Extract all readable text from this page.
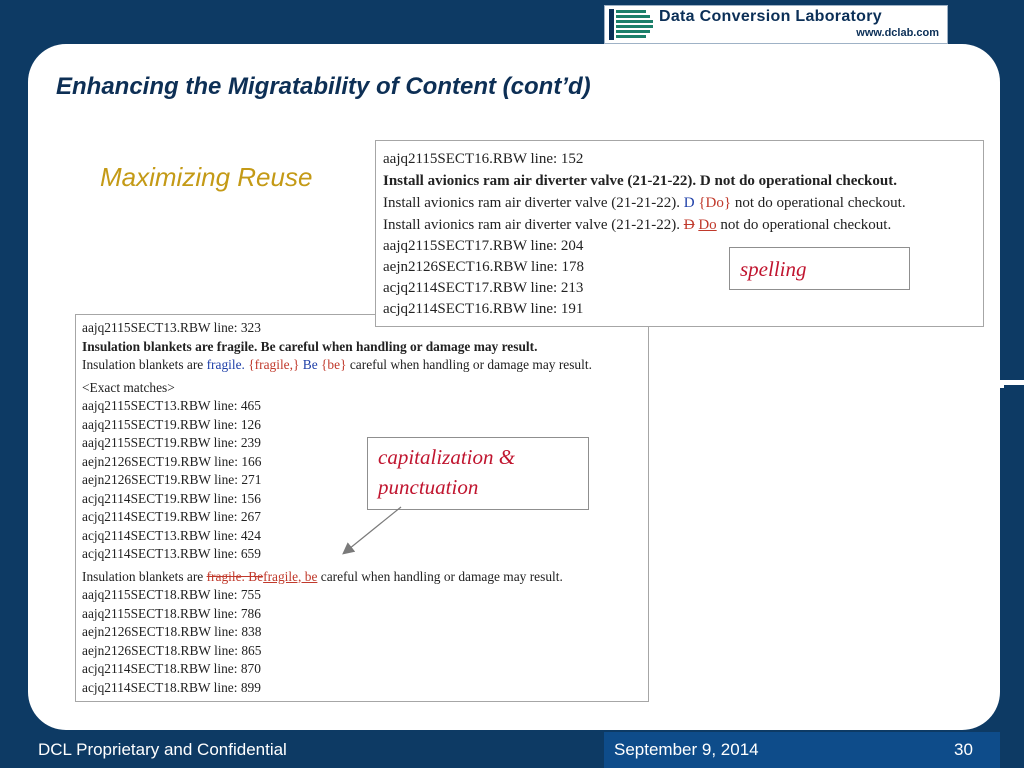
Data Conversion Laboratory
www.dclab.com
Enhancing the Migratability of Content (cont’d)
Maximizing Reuse
aajq2115SECT13.RBW line: 323
Insulation blankets are fragile. Be careful when handling or damage may result.
Insulation blankets are fragile. {fragile,} Be {be} careful when handling or damage may result.
<Exact matches>
aajq2115SECT13.RBW line: 465
aajq2115SECT19.RBW line: 126
aajq2115SECT19.RBW line: 239
aejn2126SECT19.RBW line: 166
aejn2126SECT19.RBW line: 271
acjq2114SECT19.RBW line: 156
acjq2114SECT19.RBW line: 267
acjq2114SECT13.RBW line: 424
acjq2114SECT13.RBW line: 659
Insulation blankets are fragile. Befragile, be careful when handling or damage may result.
aajq2115SECT18.RBW line: 755
aajq2115SECT18.RBW line: 786
aejn2126SECT18.RBW line: 838
aejn2126SECT18.RBW line: 865
acjq2114SECT18.RBW line: 870
acjq2114SECT18.RBW line: 899
aajq2115SECT16.RBW line: 152
Install avionics ram air diverter valve (21-21-22). D not do operational checkout.
Install avionics ram air diverter valve (21-21-22). D {Do} not do operational checkout.
Install avionics ram air diverter valve (21-21-22). D Do not do operational checkout.
aajq2115SECT17.RBW line: 204
aejn2126SECT16.RBW line: 178
acjq2114SECT17.RBW line: 213
acjq2114SECT16.RBW line: 191
capitalization &
punctuation
spelling
DCL Proprietary and Confidential	September 9, 2014	30
